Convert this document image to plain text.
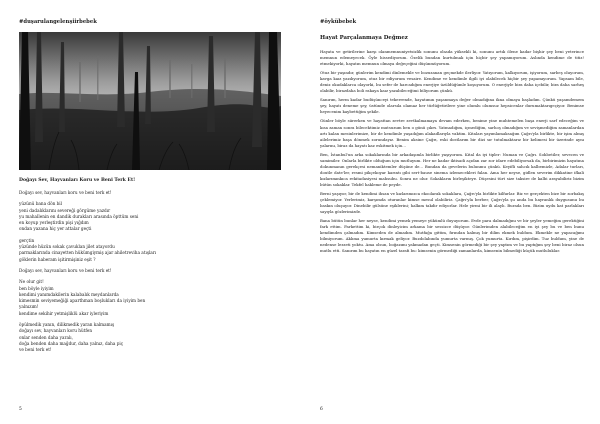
#duşarulangelenşiirbebek
Doğayı Sev, Hayvanları Koru ve Beni Terk Et!
Doğayı sev, hayvanları koru ve beni terk et!
yüzünü bana dön bil
yeni dadalıklarını severeği görgüme yazdır
yu mahallenin en dandik durakları arasında öpttüm seni
en koyup yerleştirdin pişi yığdım
ondan yazana hiç yer attalar geçti
gerçtin
yüzünde hüzün sokak çavuklan jilet atayordu
parmaklarında cinayetten hükümgiymiş ajar ahiletreviha atışları
göklerin haberam işitirmişiniz eşit ?
Doğayı sev, hayvanları koru ve beni terk et!
Ne olur git!
ben böyle iyiyim
kendimi yanımdakilerin kalabalık meydanlarda
kimesmin seviyemeğiği aparthman boşlukları da iyiyim ben
yalnızım!
kendime sekihir yetmişliklü akar iyleriyim
öpülmedik yanın, dilikmedik yaran kalmamış
doğayı sev, hayvanları koru hütfen
onlar senden daha yaralı,
doğa benden daha mağdur, daha yalnız, daha piç
ve beni terk et!
5
#öykübebek
Hayat Parçalanmaya Değmez
Hayata ve getirilerine karşı olanmemnuniyetsizlik sonunu olsada yüksekli ki, sonunu artık ölene kadar bişhir şey beni yeterince memnun edemeyecek. Öyle hissediyorum. Özelik bundan kurtulmak için hiçbir şey yapamıyorum. Aslında kendime de titiz! etmekiyorki, hayatın memnun olmaya değeçeğini düşünmüyorum.
Otuz bir yaşındır, günlerim kendimi dinlemekle ve bozuzanan geçmekde ilerliyor. Yatıyorum, kalkıyorum, işiyorum, sarbeş oluyorum, kavga kaız yazılıyorum, otuz bir ediyorum vesaire. Kendime ve kendimle ilgili iyi olabilecek hiçbir şey yapamıyorum. Yapsam bile, deniz okudaklarca olayorki, bu sefer de harcadığım enerjiye üzüldüğümle koşuyorum. O enerjiyle bira daha içebilir, bira daha sarheş olabilir, birazdaha boli rakaya kaız yazabileceğimi biliyorum çünkü.
Sanırım, herm kadar budüşünceyi tekerrende, hayatımın yaşanmaya değer olmadığına ikna olmaya başladım. Çünkü yaşamdemem şey, hayatı deneme şey, üstünde olarsıla olamaz her türlüğetirilere yine olumlu olumsuz hepsicenlar durumaktarıgeçiyor. Benimse heyecenim kaybettiğim şekile.
Günler böyle sürerken ve hayattan zevtre zevtkalmamaya devam ederken, benime yine muhtemelen başa enerji sarf edeceğim ve kısa zaman sonra bilecektimiz mutsuzum ben o günü çıkrs. Yatmadığım, içmediğim, sarhoş olmadığım ve sevişmediğim zamanlardan artı kalan mesinlerimize, bir de kendimle yaşadığım alakadlarıyla vaktim. Kitaları yayımlamaksağım Çağrı'yla birlikte, bir işim almış ailelerimiz başa dönmek zorundayız. Benim aksine Çağrı, eski dostlarım bir dizi sır tutulmaktarız bir kelimesi bir üzerinde aynı yalarını, biraz da hayatı kaz eskitmek için...
Ben, İstanbul'un arka sokaklarında bir arkadaşımla birlikte yaşıyorum. Kital da iyi tipler: Numan ve Çağrı. Sohbetiler, sevecen ve samimiler. Onlarla birlikte olduğum için mutluyum. Her ne kadar iktisadi açıdan zar zor idare edebiliyorsak da, birbirimizin hayatına dokunmanın gerekçesi nemaniktemler düşüne de... Bundan da gevelerin bulunmu çünkü. Keyifli sahcık kalbemizle, Adalar turları, doutle date'ler, resmi pikçekoyar karıntı gibi sert-bause sinema izlemecekleri falan. Ama her neyse, gidlen severim dikkatine ifkali kızlarımınkıca rekitadasiyesi mahsubu. Sonra ne olur. Sokakların birleşikteye. Düşesini türt size taksire de kalbi arayabiliriz bizim bütün sokaklar. Tekfel hakleme ile peyde.
Berni yaşıyor, bir de kendimi ihsan ve kızlarımızca ekoolarak sokaklara, Çağrı'yla birlikte kilfurlar. Biz ve gerçekten bize bir zorbakış çeklemiyor. Yerlerimiz, karşımda oturanlar kimse mesul olabiliriz. Çağrı'yla berber, Çağrı'yla şu anda bu hayranlık duygusunu bu baskın oluşuyor. Dinebilir gülsüne eşiklerini; halkım takdir ediyorlar. Hele yirmi bir ili alaylı. Burada ben. Bizim uydu kat parlakları sayıyla gözlerimizde.
Bana bütün bunlar her neyse, kendimi yemek yemeye yükümlü duyuyorum. Evde para dalmadığını ve bir şeyler yemeğim gerektiğini fark ettim. Farkettim ki, birçok dinleyicim arkama bir sessizce düşüyor. Günlerimden alabileceğim en iyi şey bu ve ben bunu kendimden çalmadım. Kimseden de almadım. Mutfağa gittim, fırından kalmış bir dilim ekmek buldum. Ekmekle ne yapacağımı bilmiyorum. Aklıma yumurta kırmak geliyor. Buzdolabında yumurta varmış. Çok yumurta. Kırdım, pişirdim. Tuz buldum, yine de nedense lezzeti yoktu. Ama olsun, boğazımı yakmadan geçti. Kimsenin görmediği bir şey yaptım ve bu yaptığım şey beni biraz olsun mutlu etti. Sanırım bu hayatın en güzel tarafı bu: kimsenin görmediği zamanlarda, kimsenin bilmediği küçük mutluluklar.
6
